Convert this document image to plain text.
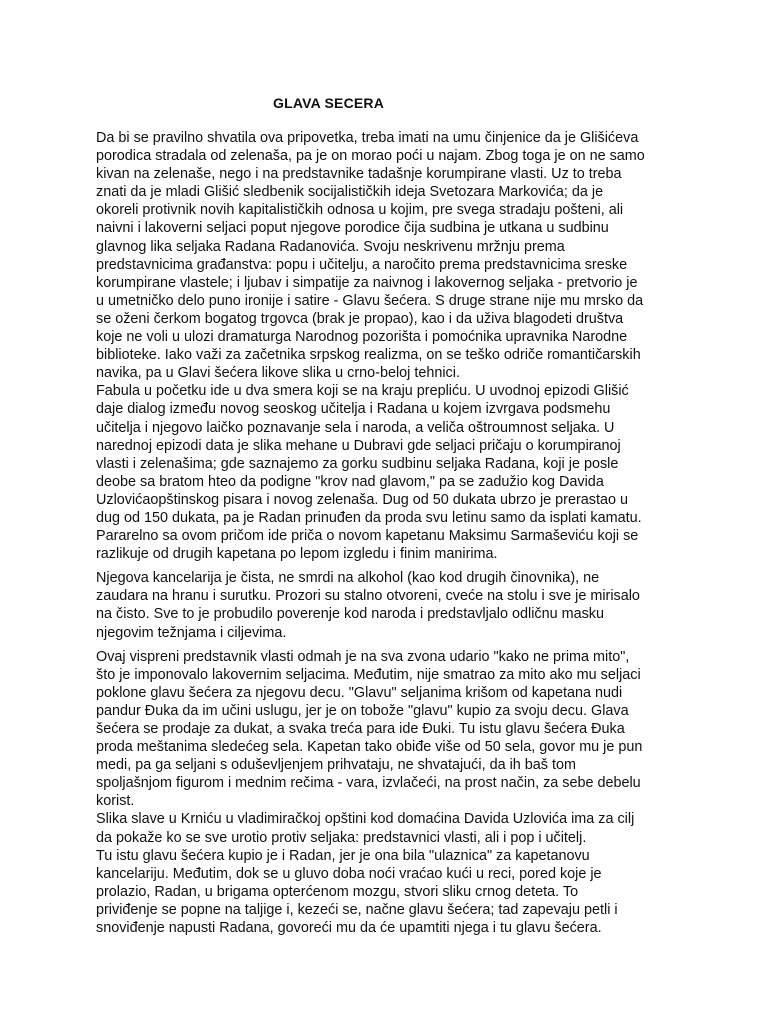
GLAVA SECERA
Da bi se pravilno shvatila ova pripovetka, treba imati na umu činjenice da je Glišićeva
porodica stradala od zelenaša, pa je on morao poći u najam. Zbog toga je on ne samo
kivan na zelenaše, nego i na predstavnike tadašnje korumpirane vlasti. Uz to treba
znati da je mladi Glišić sledbenik socijalističkih ideja Svetozara Markovića; da je
okoreli protivnik novih kapitalističkih odnosa u kojim, pre svega stradaju pošteni, ali
naivni i lakoverni seljaci poput njegove porodice čija sudbina je utkana u sudbinu
glavnog lika seljaka Radana Radanovića. Svoju neskrivenu mržnju prema
predstavnicima građanstva: popu i učitelju, a naročito prema predstavnicima sreske
korumpirane vlastele; i ljubav i simpatije za naivnog i lakovernog seljaka - pretvorio je
u umetničko delo puno ironije i satire - Glavu šećera. S druge strane nije mu mrsko da
se oženi čerkom bogatog trgovca (brak je propao), kao i da uživa blagodeti društva
koje ne voli u ulozi dramaturga Narodnog pozorišta i pomoćnika upravnika Narodne
biblioteke. Iako važi za začetnika srpskog realizma, on se teško odriče romantičarskih
navika, pa u Glavi šećera likove slika u crno-beloj tehnici.
Fabula u početku ide u dva smera koji se na kraju prepliću. U uvodnoj epizodi Glišić
daje dialog između novog seoskog učitelja i Radana u kojem izvrgava podsmehu
učitelja i njegovo laičko poznavanje sela i naroda, a veliča oštroumnost seljaka. U
narednoj epizodi data je slika mehane u Dubravi gde seljaci pričaju o korumpiranoj
vlasti i zelenašima; gde saznajemo za gorku sudbinu seljaka Radana, koji je posle
deobe sa bratom hteo da podigne "krov nad glavom," pa se zadužio kog Davida
Uzlovićaopštinskog pisara i novog zelenaša. Dug od 50 dukata ubrzo je prerastao u
dug od 150 dukata, pa je Radan prinuđen da proda svu letinu samo da isplati kamatu.
Pararelno sa ovom pričom ide priča o novom kapetanu Maksimu Sarmaševiću koji se
razlikuje od drugih kapetana po lepom izgledu i finim manirima.
Njegova kancelarija je čista, ne smrdi na alkohol (kao kod drugih činovnika), ne
zaudara na hranu i surutku. Prozori su stalno otvoreni, cveće na stolu i sve je mirisalo
na čisto. Sve to je probudilo poverenje kod naroda i predstavljalo odličnu masku
njegovim težnjama i ciljevima.
Ovaj vispreni predstavnik vlasti odmah je na sva zvona udario "kako ne prima mito",
što je imponovalo lakovernim seljacima. Međutim, nije smatrao za mito ako mu seljaci
poklone glavu šećera za njegovu decu. "Glavu" seljanima krišom od kapetana nudi
pandur Đuka da im učini uslugu, jer je on tobože "glavu" kupio za svoju decu. Glava
šećera se prodaje za dukat, a svaka treća para ide Đuki. Tu istu glavu šećera Đuka
proda meštanima sledećeg sela. Kapetan tako obiđe više od 50 sela, govor mu je pun
medi, pa ga seljani s oduševljenjem prihvataju, ne shvatajući, da ih baš tom
spoljašnjom figurom i mednim rečima - vara, izvlačeći, na prost način, za sebe debelu
korist.
Slika slave u Krniću u vladimiračkoj opštini kod domaćina Davida Uzlovića ima za cilj
da pokaže ko se sve urotio protiv seljaka: predstavnici vlasti, ali i pop i učitelj.
Tu istu glavu šećera kupio je i Radan, jer je ona bila "ulaznica" za kapetanovu
kancelariju. Međutim, dok se u gluvo doba noći vraćao kući u reci, pored koje je
prolazio, Radan, u brigama opterćenom mozgu, stvori sliku crnog deteta. To
priviđenje se popne na taljige i, kezeći se, načne glavu šećera; tad zapevaju petli i
snoviđenje napusti Radana, govoreći mu da će upamtiti njega i tu glavu šećera.
